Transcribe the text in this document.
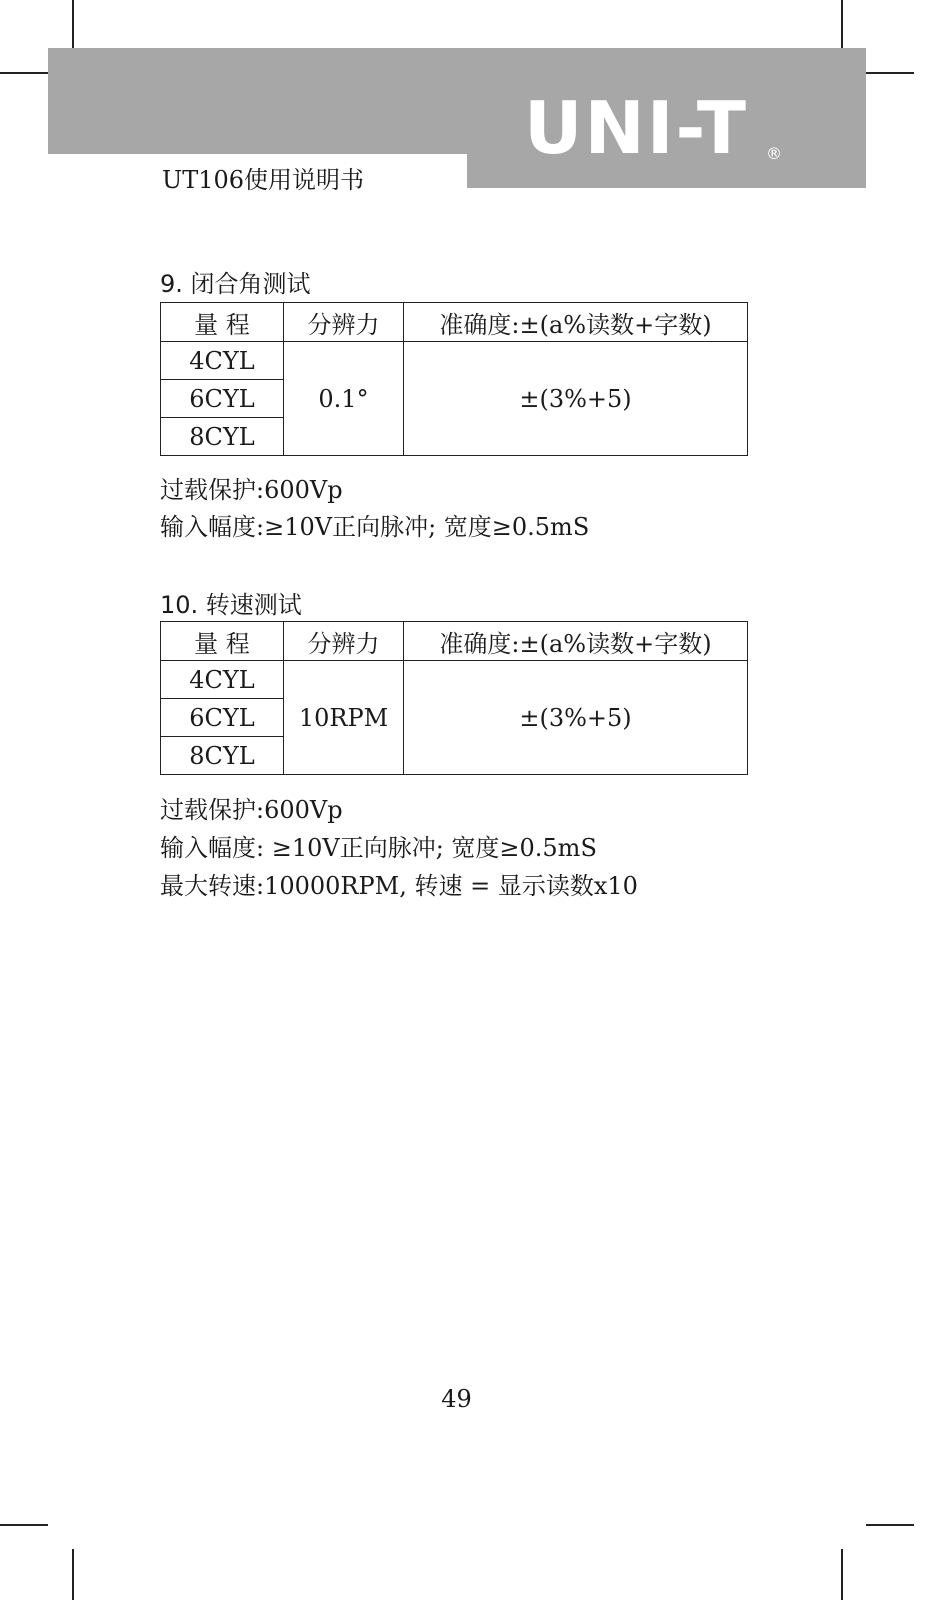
UNI-T ®
UT106使用说明书
9. 闭合角测试
量 程	分辨力	准确度:±(a%读数+字数)
4CYL	0.1°	±(3%+5)
6CYL		
8CYL		
过载保护:600Vp
输入幅度:≥10V正向脉冲; 宽度≥0.5mS
10. 转速测试
量 程	分辨力	准确度:±(a%读数+字数)
4CYL	10RPM	±(3%+5)
6CYL		
8CYL		
过载保护:600Vp
输入幅度: ≥10V正向脉冲; 宽度≥0.5mS
最大转速:10000RPM, 转速 = 显示读数x10
49
